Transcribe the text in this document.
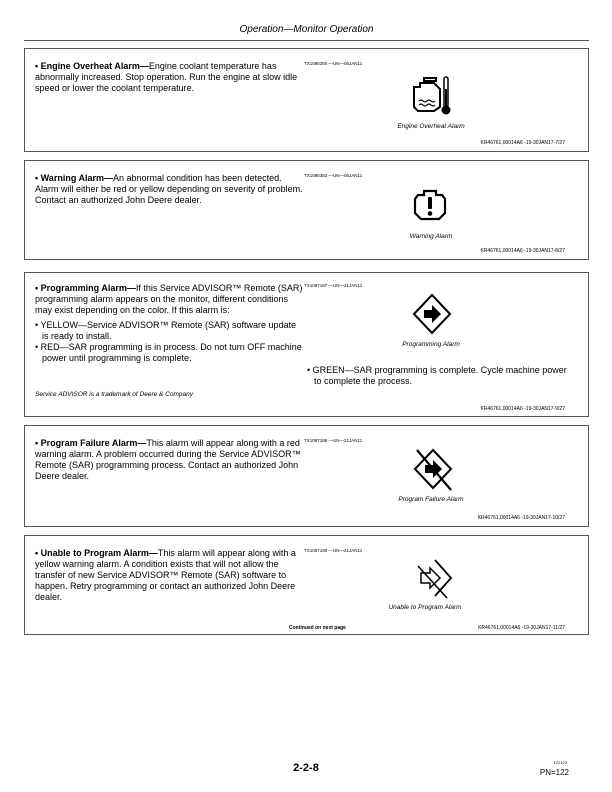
Operation—Monitor Operation
• Engine Overheat Alarm—Engine coolant temperature has abnormally increased. Stop operation. Run the engine at slow idle speed or lower the coolant temperature.
TX1086350 —UN—06JAN11
Engine Overheat Alarm
KR46761,00014A6 -19-30JAN17-7/27
• Warning Alarm—An abnormal condition has been detected. Alarm will either be red or yellow depending on severity of problem. Contact an authorized John Deere dealer.
TX1086352 —UN—06JAN11
Warning Alarm
KR46761,00014A6 -19-30JAN17-8/27
• Programming Alarm—If this Service ADVISOR™ Remote (SAR) programming alarm appears on the monitor, different conditions may exist depending on the color. If this alarm is:
• YELLOW—Service ADVISOR™ Remote (SAR) software update is ready to install.
• RED—SAR programming is in process. Do not turn OFF machine power until programming is complete.
Service ADVISOR is a trademark of Deere & Company
TX1087187 —UN—21JAN11
Programming Alarm
• GREEN—SAR programming is complete. Cycle machine power to complete the process.
KR46761,00014A6 -19-30JAN17-9/27
• Program Failure Alarm—This alarm will appear along with a red warning alarm. A problem occurred during the Service ADVISOR™ Remote (SAR) programming process. Contact an authorized John Deere dealer.
TX1087189 —UN—21JAN11
Program Failure Alarm
KR46761,00014A6 -19-30JAN17-10/27
• Unable to Program Alarm—This alarm will appear along with a yellow warning alarm. A condition exists that will not allow the transfer of new Service ADVISOR™ Remote (SAR) software to happen. Retry programming or contact an authorized John Deere dealer.
TX1087190 —UN—21JAN11
Unable to Program Alarm
Continued on next page	KR46761,00014A6 -19-30JAN17-11/27
2-2-8	122122
PN=122
